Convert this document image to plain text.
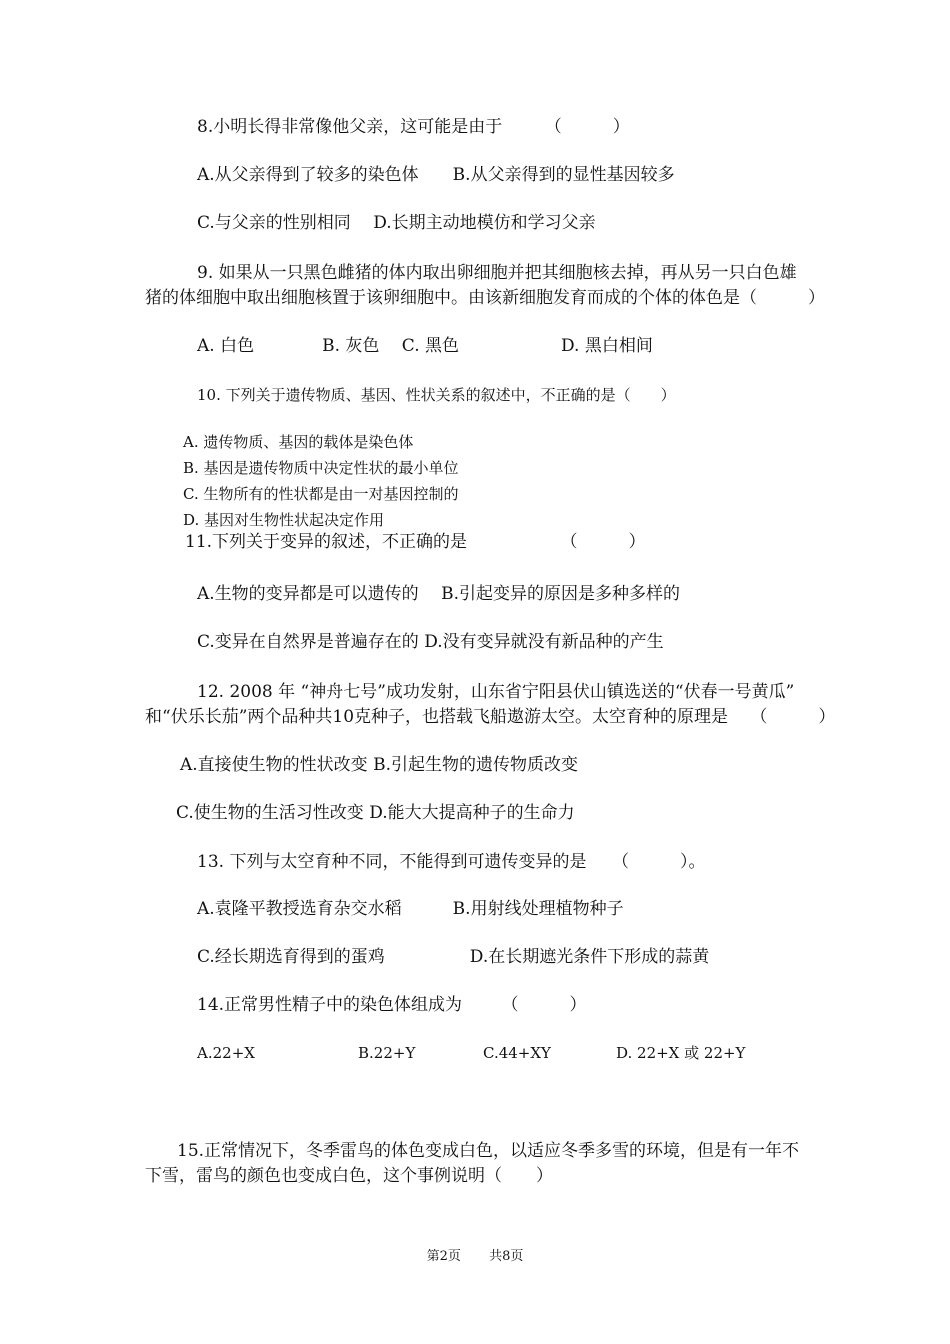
8.小明长得非常像他父亲，这可能是由于　　　（　　　）
A.从父亲得到了较多的染色体　　B.从父亲得到的显性基因较多
C.与父亲的性别相同　 D.长期主动地模仿和学习父亲
9. 如果从一只黑色雌猪的体内取出卵细胞并把其细胞核去掉，再从另一只白色雄
猪的体细胞中取出细胞核置于该卵细胞中。由该新细胞发育而成的个体的体色是（　　　）
A. 白色　　　　B. 灰色　 C. 黑色　　　　　　D. 黑白相间
10. 下列关于遗传物质、基因、性状关系的叙述中，不正确的是（　　）
A. 遗传物质、基因的载体是染色体
B. 基因是遗传物质中决定性状的最小单位
C. 生物所有的性状都是由一对基因控制的
D. 基因对生物性状起决定作用
11.下列关于变异的叙述，不正确的是　　　　　　（　　　）
A.生物的变异都是可以遗传的　 B.引起变异的原因是多种多样的
C.变异在自然界是普遍存在的 D.没有变异就没有新品种的产生
12. 2008 年 “神舟七号”成功发射，山东省宁阳县伏山镇选送的“伏春一号黄瓜”
和“伏乐长茄”两个品种共10克种子，也搭载飞船遨游太空。太空育种的原理是　 （　　　）
A.直接使生物的性状改变 B.引起生物的遗传物质改变
C.使生物的生活习性改变 D.能大大提高种子的生命力
13. 下列与太空育种不同，不能得到可遗传变异的是　　（　　　）。
A.袁隆平教授选育杂交水稻　　　B.用射线处理植物种子
C.经长期选育得到的蛋鸡　　　　　D.在长期遮光条件下形成的蒜黄
14.正常男性精子中的染色体组成为　　 （　　　）
A.22+X	B.22+Y	C.44+XY	D. 22+X 或 22+Y
15.正常情况下，冬季雷鸟的体色变成白色，以适应冬季多雪的环境，但是有一年不
下雪，雷鸟的颜色也变成白色，这个事例说明（　　）
第2页 共8页
